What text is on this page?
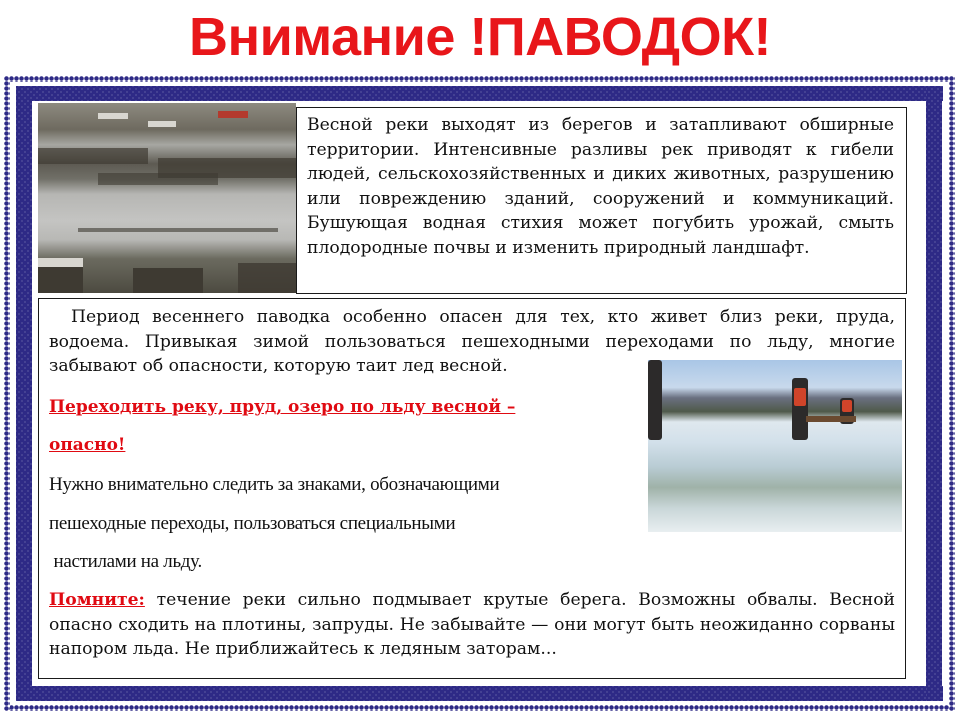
Внимание !ПАВОДОК!

Весной реки выходят из берегов и затапливают обширные территории. Интенсивные разливы рек приводят к гибели людей, сельскохозяйственных и диких животных, разрушению или повреждению зданий, сооружений и коммуникаций. Бушующая водная стихия может погубить урожай, смыть плодородные почвы и изменить природный ландшафт.

Период весеннего паводка особенно опасен для тех, кто живет близ реки, пруда, водоема. Привыкая зимой пользоваться пешеходными переходами по льду, многие забывают об опасности, которую таит лед весной.

Переходить реку, пруд, озеро по льду весной –
опасно!
Нужно внимательно следить за знаками, обозначающими
пешеходные переходы, пользоваться специальными
настилами на льду.

Помните: течение реки сильно подмывает крутые берега. Возможны обвалы. Весной опасно сходить на плотины, запруды. Не забывайте — они могут быть неожиданно сорваны напором льда. Не приближайтесь к ледяным заторам...
